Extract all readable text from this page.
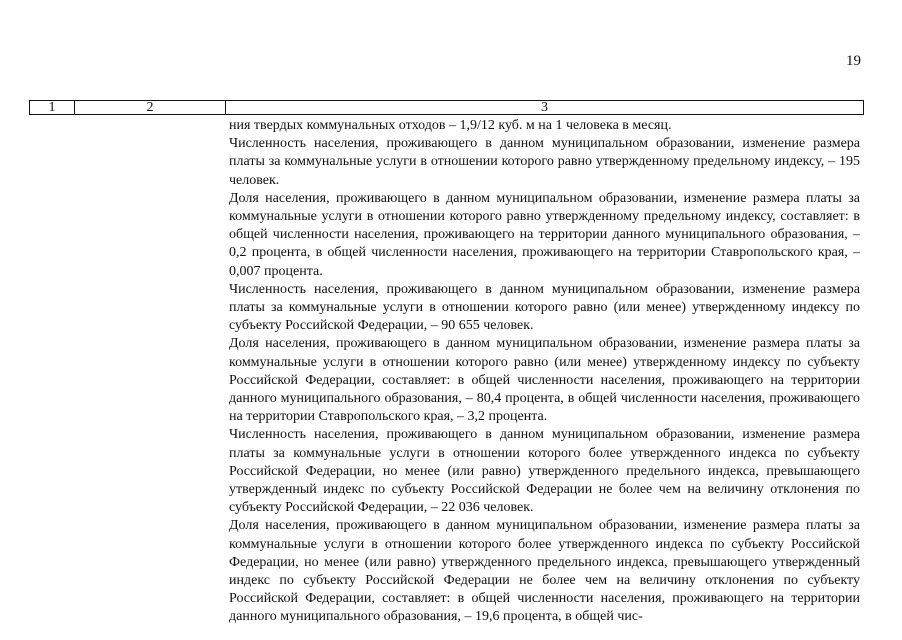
19
1	2	3

ния твердых коммунальных отходов – 1,9/12 куб. м на 1 человека в месяц.

Численность населения, проживающего в данном муниципальном образовании, изменение размера платы за коммунальные услуги в отношении которого равно утвержденному предельному индексу, – 195 человек.

Доля населения, проживающего в данном муниципальном образовании, изменение размера платы за коммунальные услуги в отношении которого равно утвержденному предельному индексу, составляет: в общей численности населения, проживающего на территории данного муниципального образования, – 0,2 процента, в общей численности населения, проживающего на территории Ставропольского края, – 0,007 процента.

Численность населения, проживающего в данном муниципальном образовании, изменение размера платы за коммунальные услуги в отношении которого равно (или менее) утвержденному индексу по субъекту Российской Федерации, – 90 655 человек.

Доля населения, проживающего в данном муниципальном образовании, изменение размера платы за коммунальные услуги в отношении которого равно (или менее) утвержденному индексу по субъекту Российской Федерации, составляет: в общей численности населения, проживающего на территории данного муниципального образования, – 80,4 процента, в общей численности населения, проживающего на территории Ставропольского края, – 3,2 процента.

Численность населения, проживающего в данном муниципальном образовании, изменение размера платы за коммунальные услуги в отношении которого более утвержденного индекса по субъекту Российской Федерации, но менее (или равно) утвержденного предельного индекса, превышающего утвержденный индекс по субъекту Российской Федерации не более чем на величину отклонения по субъекту Российской Федерации, – 22 036 человек.

Доля населения, проживающего в данном муниципальном образовании, изменение размера платы за коммунальные услуги в отношении которого более утвержденного индекса по субъекту Российской Федерации, но менее (или равно) утвержденного предельного индекса, превышающего утвержденный индекс по субъекту Российской Федерации не более чем на величину отклонения по субъекту Российской Федерации, составляет: в общей численности населения, проживающего на территории данного муниципального образования, – 19,6 процента, в общей чис-
